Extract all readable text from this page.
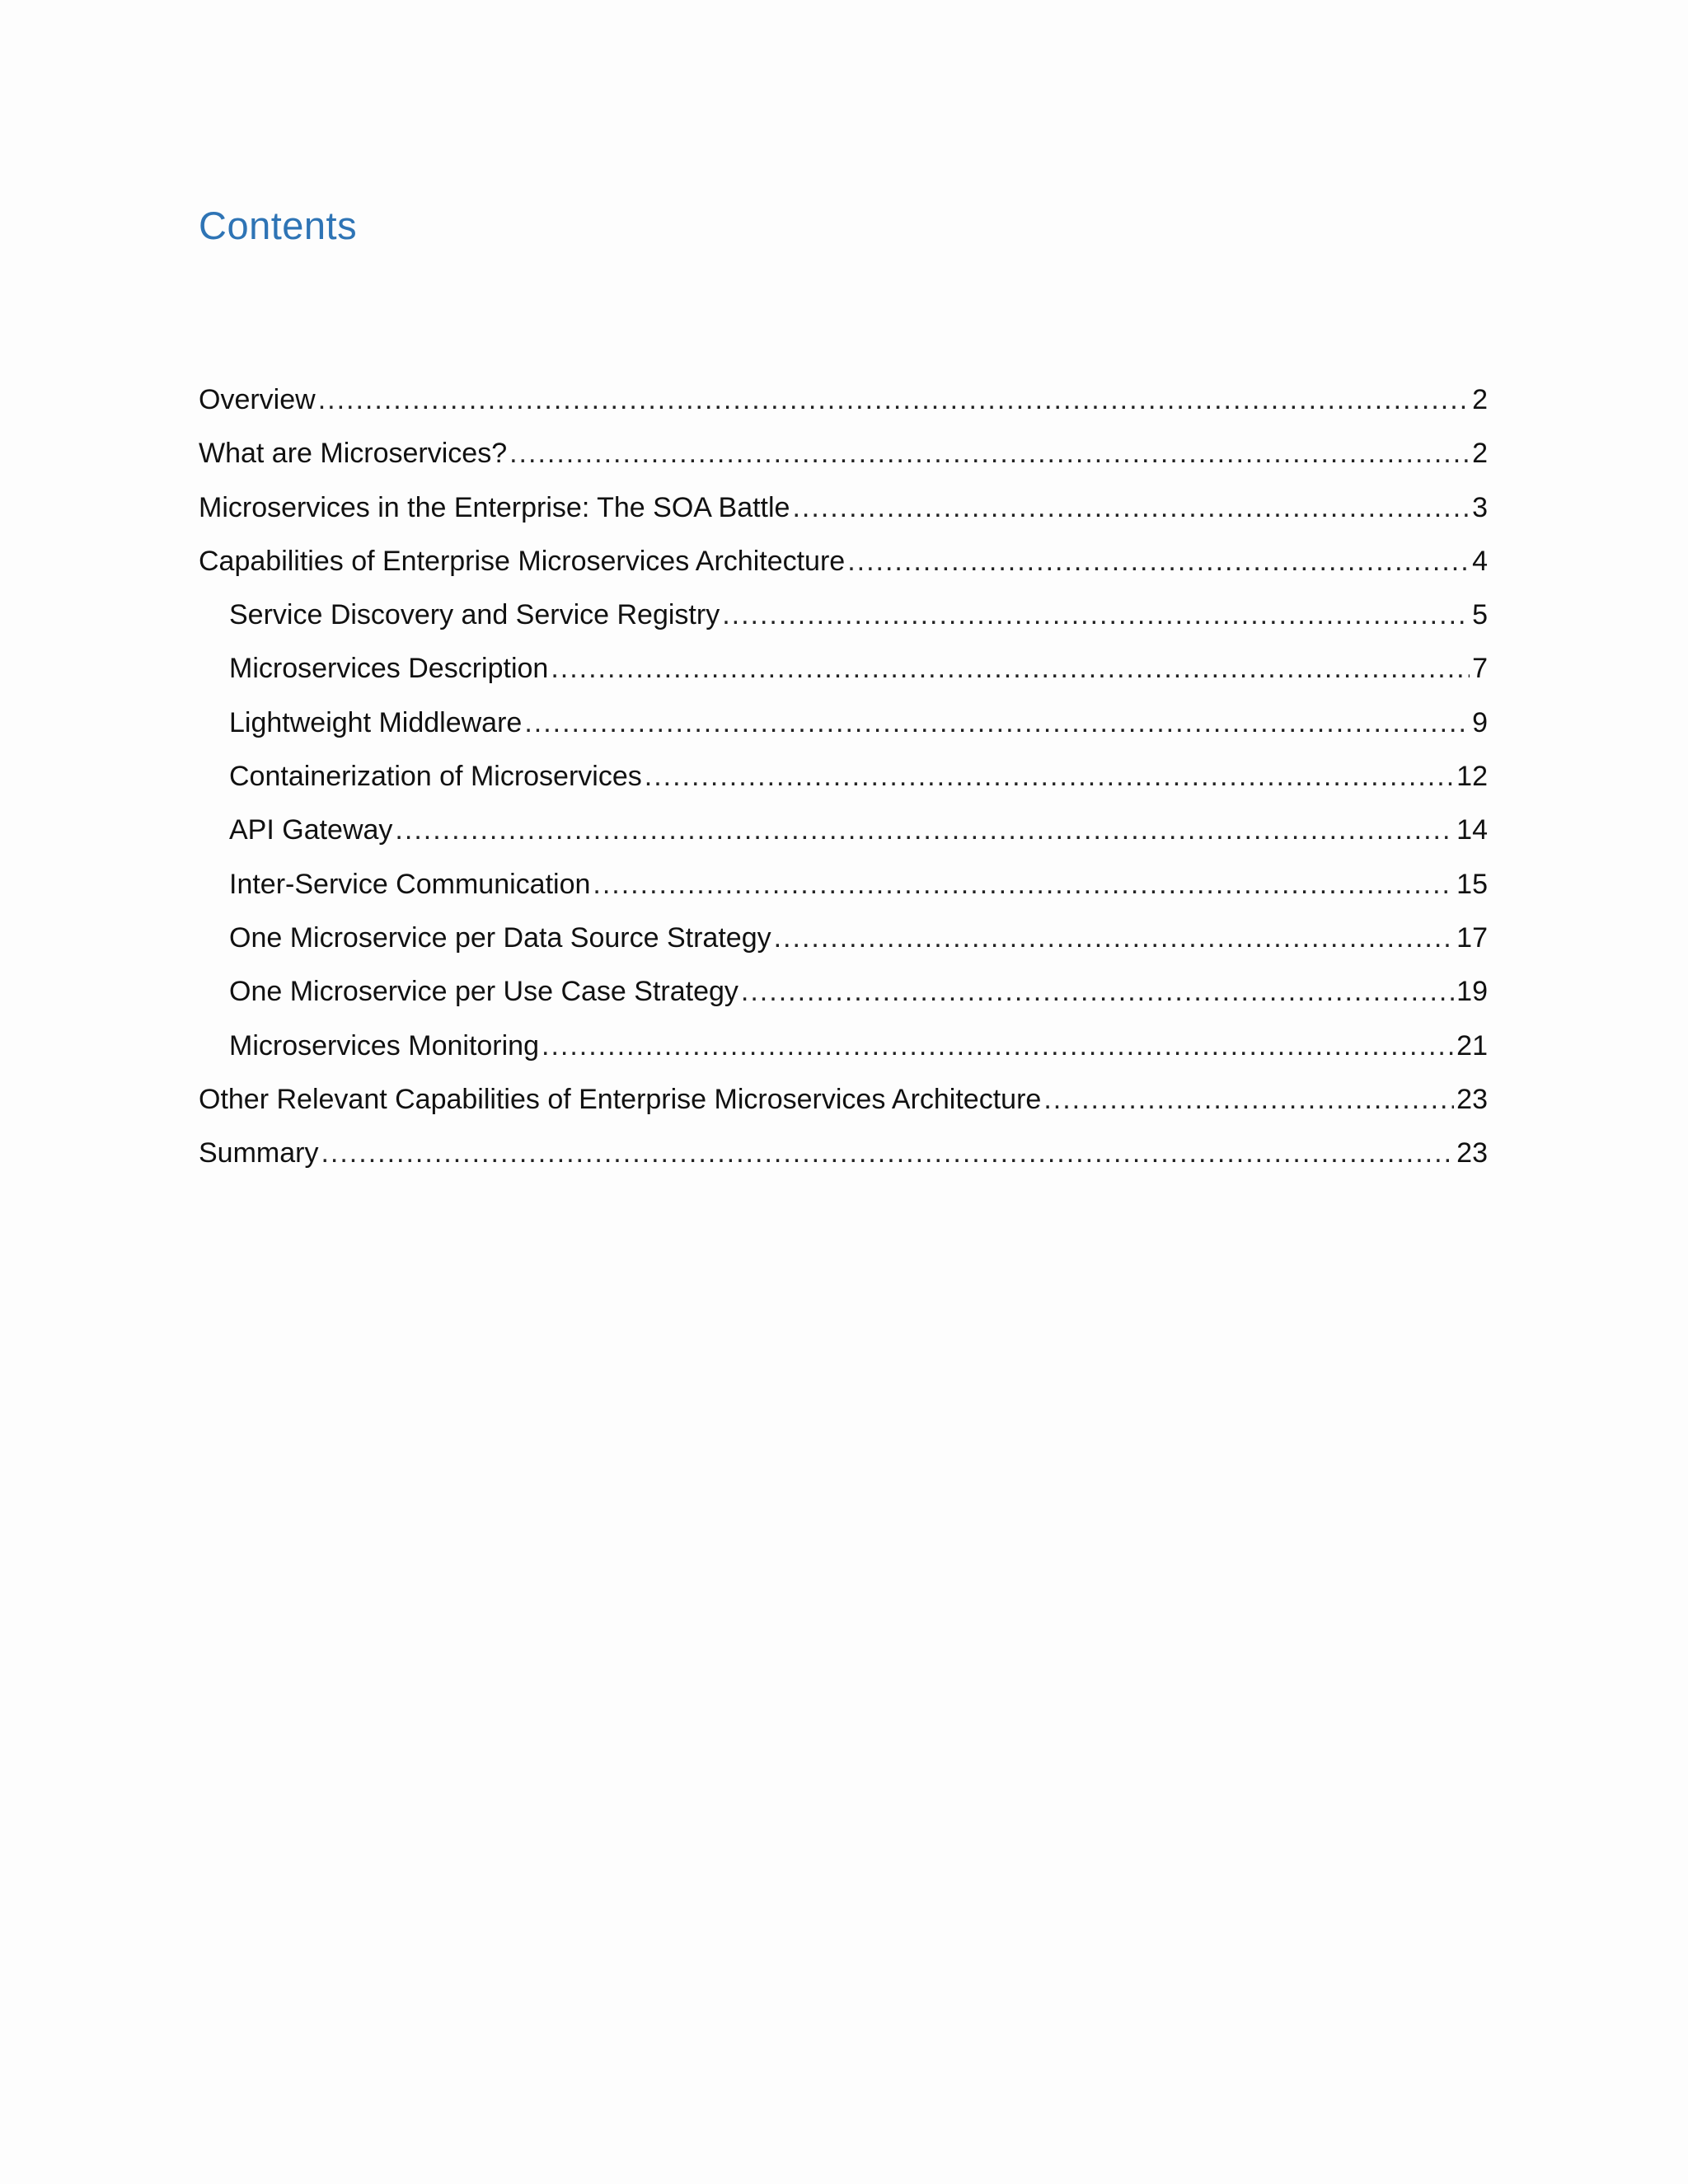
Contents
Overview .....	2
What are Microservices? .....	2
Microservices in the Enterprise: The SOA Battle .....	3
Capabilities of Enterprise Microservices Architecture .....	4
Service Discovery and Service Registry .....	5
Microservices Description .....	7
Lightweight Middleware .....	9
Containerization of Microservices .....	12
API Gateway .....	14
Inter-Service Communication .....	15
One Microservice per Data Source Strategy .....	17
One Microservice per Use Case Strategy .....	19
Microservices Monitoring .....	21
Other Relevant Capabilities of Enterprise Microservices Architecture .....	23
Summary .....	23
